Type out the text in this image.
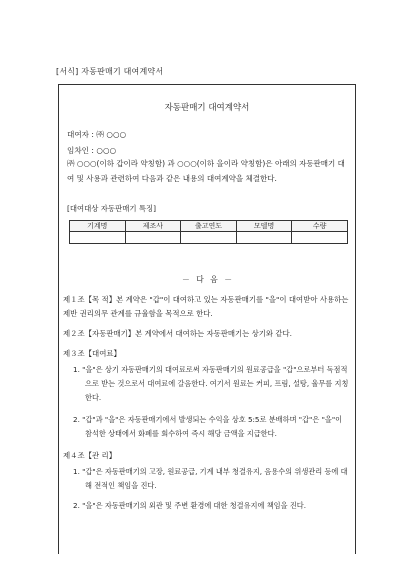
[서식] 자동판매기 대여계약서
자동판매기 대여계약서
대여자 : ㈜ ○○○
임차인 : ○○○
㈜ ○○○(이하 갑이라 약칭함) 과 ○○○(이하 을이라 약칭함)은 아래의 자동판매기 대여 및 사용과 관련하여 다음과 같은 내용의 대여계약을 체결한다.
[대여대상 자동판매기 특징]
기계명	제조사	출고연도	모델명	수량

－ 다 음 －
제１조【목 적】본 계약은 "갑"이 대여하고 있는 자동판매기를 "을"이 대여받아 사용하는 제반 권리의무 관계를 규율함을 목적으로 한다.
제２조【자동판매기】본 계약에서 대여하는 자동판매기는 상기와 같다.
제３조【대여료】
1. "을"은 상기 자동판매기의 대여료로써 자동판매기의 원료공급을 "갑"으로부터 독점적으로 받는 것으로서 대여료에 갈음한다. 여기서 원료는 커피, 프림, 설탕, 율무를 지칭한다.
2. "갑"과 "을"은 자동판매기에서 발생되는 수익을 상호 5:5로 분배하며 "갑"은 "을"이 참석한 상태에서 화폐를 회수하여 즉시 해당 금액을 지급한다.
제４조【관 리】
1. "갑"은 자동판매기의 고장, 원료공급, 기계 내부 청결유지, 음용수의 위생관리 등에 대해 전적인 책임을 진다.
2. "을"은 자동판매기의 외관 및 주변 환경에 대한 청결유지에 책임을 진다.
